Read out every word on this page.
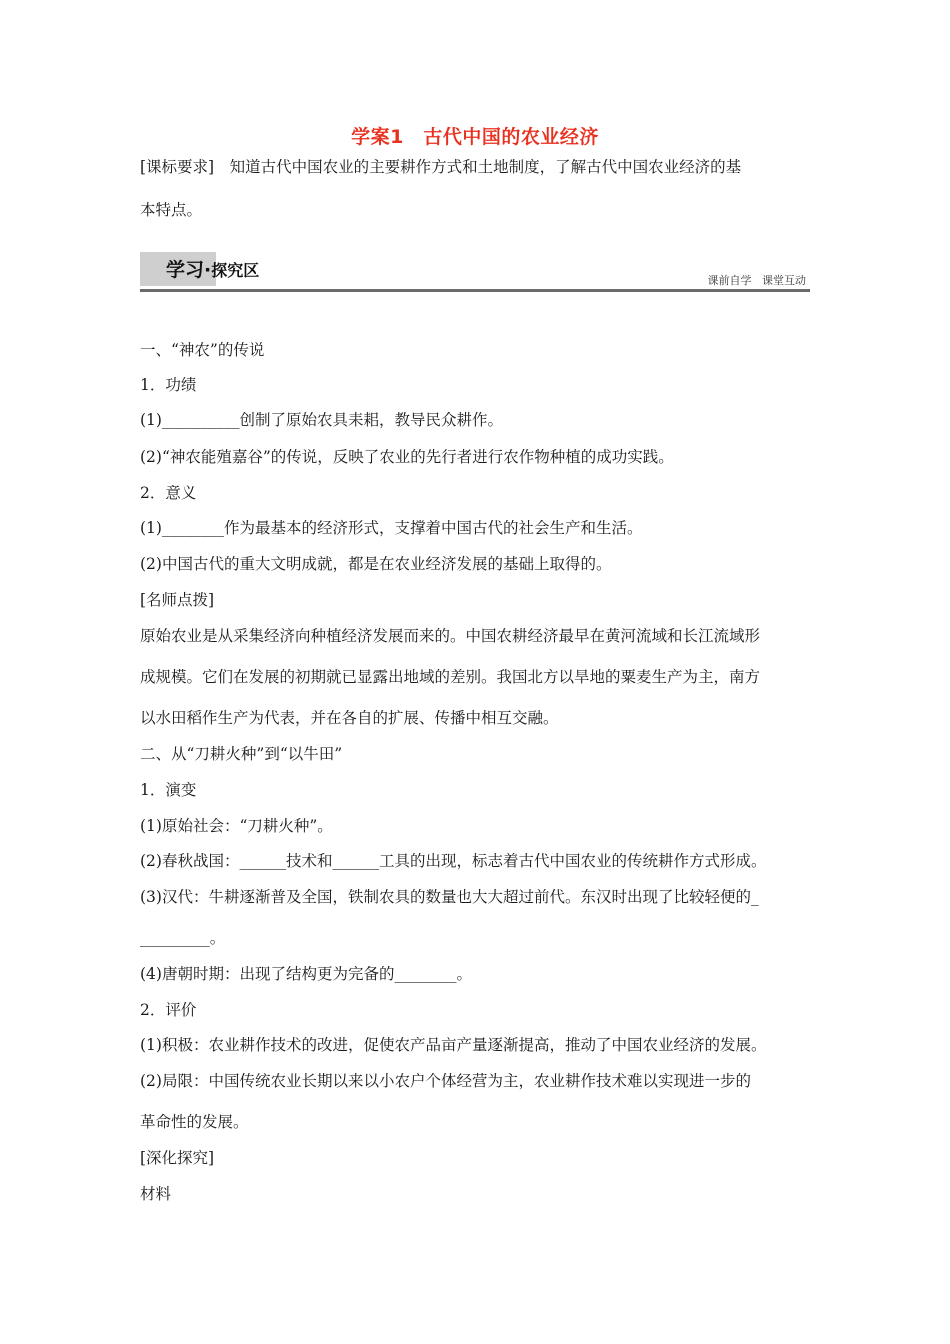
学案1　古代中国的农业经济
[课标要求]　知道古代中国农业的主要耕作方式和土地制度，了解古代中国农业经济的基
本特点。
学习·探究区
课前自学 课堂互动
一、“神农”的传说
1．功绩
(1)__________创制了原始农具耒耜，教导民众耕作。
(2)“神农能殖嘉谷”的传说，反映了农业的先行者进行农作物种植的成功实践。
2．意义
(1)________作为最基本的经济形式，支撑着中国古代的社会生产和生活。
(2)中国古代的重大文明成就，都是在农业经济发展的基础上取得的。
[名师点拨]
原始农业是从采集经济向种植经济发展而来的。中国农耕经济最早在黄河流域和长江流域形
成规模。它们在发展的初期就已显露出地域的差别。我国北方以旱地的粟麦生产为主，南方
以水田稻作生产为代表，并在各自的扩展、传播中相互交融。
二、从“刀耕火种”到“以牛田”
1．演变
(1)原始社会：“刀耕火种”。
(2)春秋战国：______技术和______工具的出现，标志着古代中国农业的传统耕作方式形成。
(3)汉代：牛耕逐渐普及全国，铁制农具的数量也大大超过前代。东汉时出现了比较轻便的_
_________。
(4)唐朝时期：出现了结构更为完备的________。
2．评价
(1)积极：农业耕作技术的改进，促使农产品亩产量逐渐提高，推动了中国农业经济的发展。
(2)局限：中国传统农业长期以来以小农户个体经营为主，农业耕作技术难以实现进一步的
革命性的发展。
[深化探究]
材料
